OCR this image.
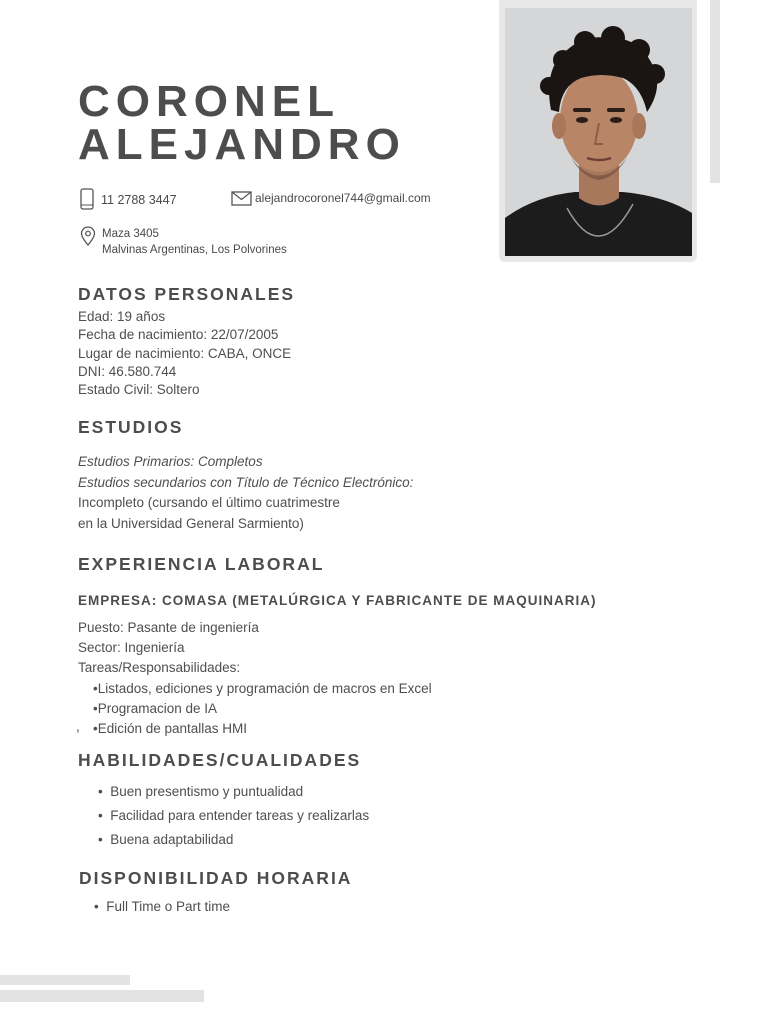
CORONEL
ALEJANDRO
11 2788 3447	alejandrocoronel744@gmail.com
Maza 3405
Malvinas Argentinas, Los Polvorines
DATOS PERSONALES
Edad: 19 años
Fecha de nacimiento: 22/07/2005
Lugar de nacimiento: CABA, ONCE
DNI: 46.580.744
Estado Civil: Soltero
ESTUDIOS
Estudios Primarios: Completos
Estudios secundarios con Título de Técnico Electrónico:
Incompleto (cursando el último cuatrimestre
en la Universidad General Sarmiento)
EXPERIENCIA LABORAL
EMPRESA: COMASA (METALÚRGICA Y FABRICANTE DE MAQUINARIA)
Puesto: Pasante de ingeniería
Sector: Ingeniería
Tareas/Responsabilidades:
•Listados, ediciones y programación de macros en Excel
•Programacion de IA
•Edición de pantallas HMI
,
HABILIDADES/CUALIDADES
•  Buen presentismo y puntualidad
•  Facilidad para entender tareas y realizarlas
•  Buena adaptabilidad
DISPONIBILIDAD HORARIA
•  Full Time o Part time
